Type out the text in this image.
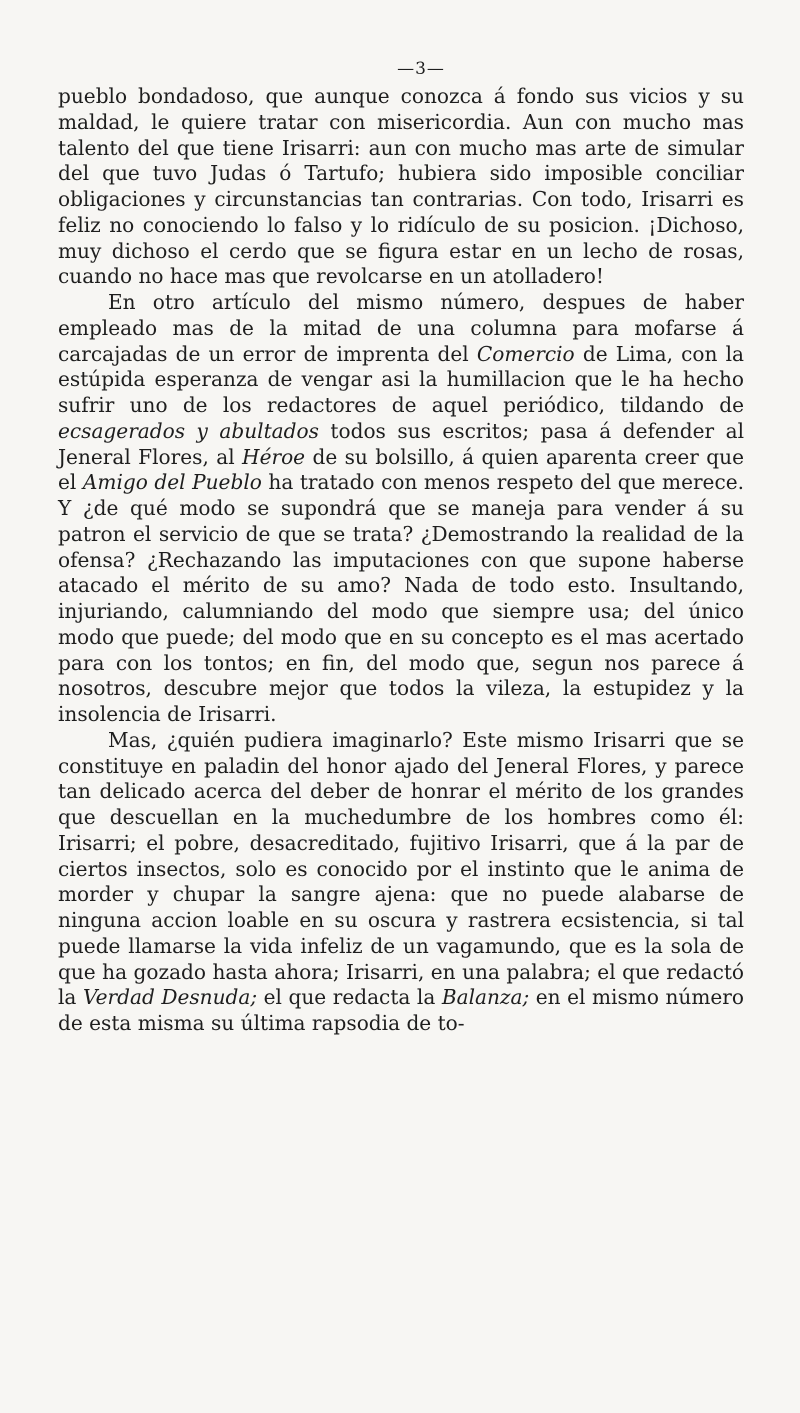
—3—

pueblo bondadoso, que aunque conozca á fondo sus vicios y su maldad, le quiere tratar con misericordia. Aun con mucho mas talento del que tiene Irisarri: aun con mucho mas arte de simular del que tuvo Judas ó Tartufo; hubiera sido imposible conciliar obligaciones y circunstancias tan contrarias. Con todo, Irisarri es feliz no conociendo lo falso y lo ridículo de su posicion. ¡Dichoso, muy dichoso el cerdo que se figura estar en un lecho de rosas, cuando no hace mas que revolcarse en un atolladero!

En otro artículo del mismo número, despues de haber empleado mas de la mitad de una columna para mofarse á carcajadas de un error de imprenta del Comercio de Lima, con la estúpida esperanza de vengar asi la humillacion que le ha hecho sufrir uno de los redactores de aquel periódico, tildando de ecsagerados y abultados todos sus escritos; pasa á defender al Jeneral Flores, al Héroe de su bolsillo, á quien aparenta creer que el Amigo del Pueblo ha tratado con menos respeto del que merece. Y ¿de qué modo se supondrá que se maneja para vender á su patron el servicio de que se trata? ¿Demostrando la realidad de la ofensa? ¿Rechazando las imputaciones con que supone haberse atacado el mérito de su amo? Nada de todo esto. Insultando, injuriando, calumniando del modo que siempre usa; del único modo que puede; del modo que en su concepto es el mas acertado para con los tontos; en fin, del modo que, segun nos parece á nosotros, descubre mejor que todos la vileza, la estupidez y la insolencia de Irisarri.

Mas, ¿quién pudiera imaginarlo? Este mismo Irisarri que se constituye en paladin del honor ajado del Jeneral Flores, y parece tan delicado acerca del deber de honrar el mérito de los grandes que descuellan en la muchedumbre de los hombres como él: Irisarri; el pobre, desacreditado, fujitivo Irisarri, que á la par de ciertos insectos, solo es conocido por el instinto que le anima de morder y chupar la sangre ajena: que no puede alabarse de ninguna accion loable en su oscura y rastrera ecsistencia, si tal puede llamarse la vida infeliz de un vagamundo, que es la sola de que ha gozado hasta ahora; Irisarri, en una palabra; el que redactó la Verdad Desnuda; el que redacta la Balanza; en el mismo número de esta misma su última rapsodia de to-
